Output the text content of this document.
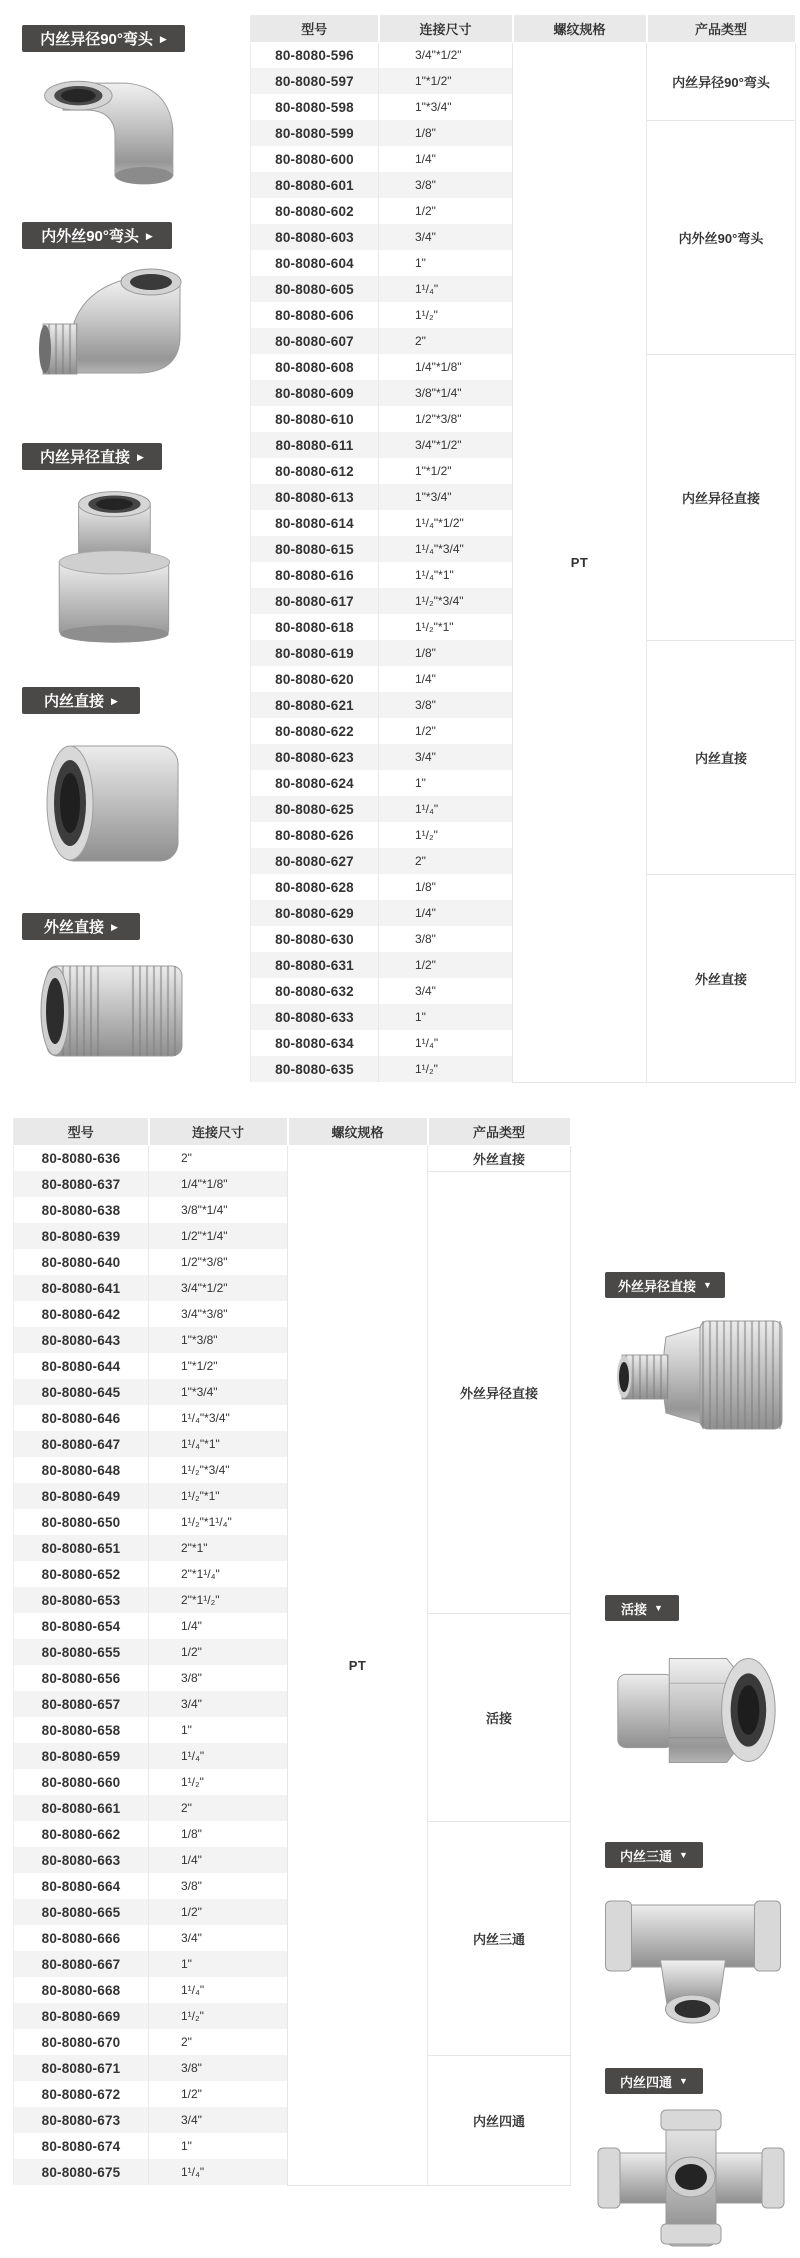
内丝异径90°弯头 ▶
内外丝90°弯头 ▶
内丝异径直接 ▶
内丝直接 ▶
外丝直接 ▶
型号	连接尺寸	螺纹规格	产品类型
80-8080-596	3/4"*1/2"	PT	内丝异径90°弯头
80-8080-597	1"*1/2"		
80-8080-598	1"*3/4"		
80-8080-599	1/8"		内外丝90°弯头
80-8080-600	1/4"		
80-8080-601	3/8"		
80-8080-602	1/2"		
80-8080-603	3/4"		
80-8080-604	1"		
80-8080-605	1¹/₄"		
80-8080-606	1¹/₂"		
80-8080-607	2"		
80-8080-608	1/4"*1/8"		内丝异径直接
80-8080-609	3/8"*1/4"		
80-8080-610	1/2"*3/8"		
80-8080-611	3/4"*1/2"		
80-8080-612	1"*1/2"		
80-8080-613	1"*3/4"		
80-8080-614	1¹/₄"*1/2"		
80-8080-615	1¹/₄"*3/4"		
80-8080-616	1¹/₄"*1"		
80-8080-617	1¹/₂"*3/4"		
80-8080-618	1¹/₂"*1"		
80-8080-619	1/8"		内丝直接
80-8080-620	1/4"		
80-8080-621	3/8"		
80-8080-622	1/2"		
80-8080-623	3/4"		
80-8080-624	1"		
80-8080-625	1¹/₄"		
80-8080-626	1¹/₂"		
80-8080-627	2"		
80-8080-628	1/8"		外丝直接
80-8080-629	1/4"		
80-8080-630	3/8"		
80-8080-631	1/2"		
80-8080-632	3/4"		
80-8080-633	1"		
80-8080-634	1¹/₄"		
80-8080-635	1¹/₂"		
型号	连接尺寸	螺纹规格	产品类型
80-8080-636	2"	PT	外丝直接
80-8080-637	1/4"*1/8"		外丝异径直接
80-8080-638	3/8"*1/4"		
80-8080-639	1/2"*1/4"		
80-8080-640	1/2"*3/8"		
80-8080-641	3/4"*1/2"		
80-8080-642	3/4"*3/8"		
80-8080-643	1"*3/8"		
80-8080-644	1"*1/2"		
80-8080-645	1"*3/4"		
80-8080-646	1¹/₄"*3/4"		
80-8080-647	1¹/₄"*1"		
80-8080-648	1¹/₂"*3/4"		
80-8080-649	1¹/₂"*1"		
80-8080-650	1¹/₂"*1¹/₄"		
80-8080-651	2"*1"		
80-8080-652	2"*1¹/₄"		
80-8080-653	2"*1¹/₂"		
80-8080-654	1/4"		活接
80-8080-655	1/2"		
80-8080-656	3/8"		
80-8080-657	3/4"		
80-8080-658	1"		
80-8080-659	1¹/₄"		
80-8080-660	1¹/₂"		
80-8080-661	2"		
80-8080-662	1/8"		内丝三通
80-8080-663	1/4"		
80-8080-664	3/8"		
80-8080-665	1/2"		
80-8080-666	3/4"		
80-8080-667	1"		
80-8080-668	1¹/₄"		
80-8080-669	1¹/₂"		
80-8080-670	2"		
80-8080-671	3/8"		内丝四通
80-8080-672	1/2"		
80-8080-673	3/4"		
80-8080-674	1"		
80-8080-675	1¹/₄"		
外丝异径直接 ▼
活接 ▼
内丝三通 ▼
内丝四通 ▼
